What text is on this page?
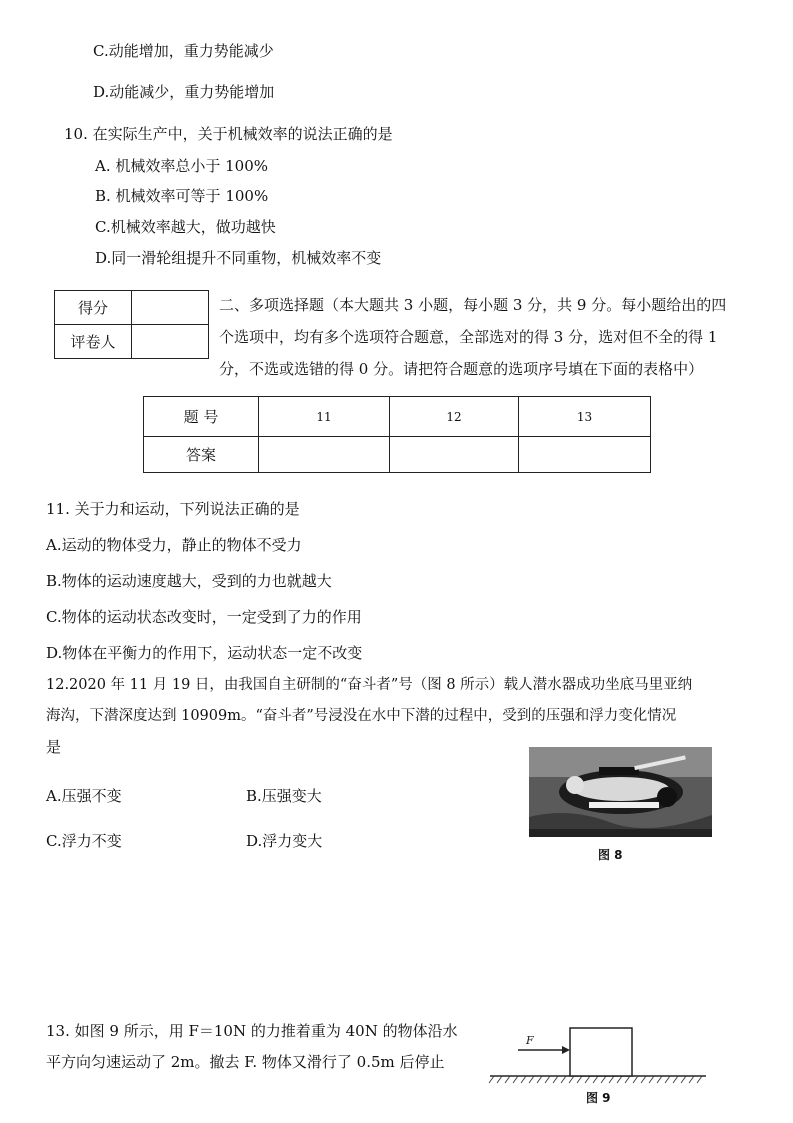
C.动能增加，重力势能减少
D.动能减少，重力势能增加
10. 在实际生产中，关于机械效率的说法正确的是
A. 机械效率总小于 100%
B. 机械效率可等于 100%
C.机械效率越大，做功越快
D.同一滑轮组提升不同重物，机械效率不变
得分	
评卷人	
二、多项选择题（本大题共 3 小题，每小题 3 分，共 9 分。每小题给出的四
个选项中，均有多个选项符合题意，全部选对的得 3 分，选对但不全的得 1
分，不选或选错的得 0 分。请把符合题意的选项序号填在下面的表格中）
题 号	11	12	13
答案			
11. 关于力和运动，下列说法正确的是
A.运动的物体受力，静止的物体不受力
B.物体的运动速度越大，受到的力也就越大
C.物体的运动状态改变时，一定受到了力的作用
D.物体在平衡力的作用下，运动状态一定不改变
12.2020 年 11 月 19 日，由我国自主研制的“奋斗者”号（图 8 所示）载人潜水器成功坐底马里亚纳
海沟，下潜深度达到 10909m。“奋斗者”号浸没在水中下潜的过程中，受到的压强和浮力变化情况
是
A.压强不变	B.压强变大
C.浮力不变	D.浮力变大
图 8
13. 如图 9 所示，用 F＝10N 的力推着重为 40N 的物体沿水
平方向匀速运动了 2m。撤去 F. 物体又滑行了 0.5m 后停止
F
图 9
